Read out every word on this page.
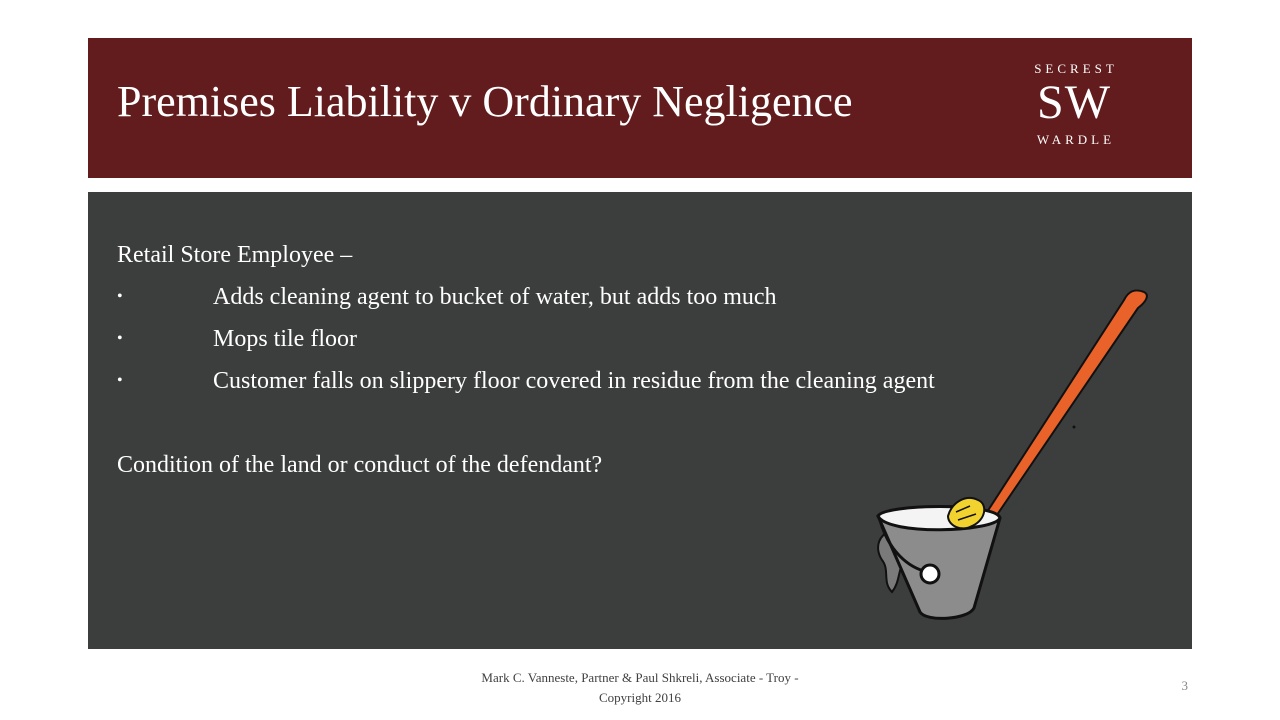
Premises Liability v Ordinary Negligence
SECREST
SW
WARDLE

Retail Store Employee –

•	Adds cleaning agent to bucket of water, but adds too much
•	Mops tile floor
•	Customer falls on slippery floor covered in residue from the cleaning agent

Condition of the land or conduct of the defendant?

Mark C. Vanneste, Partner & Paul Shkreli, Associate - Troy -
Copyright 2016
3
